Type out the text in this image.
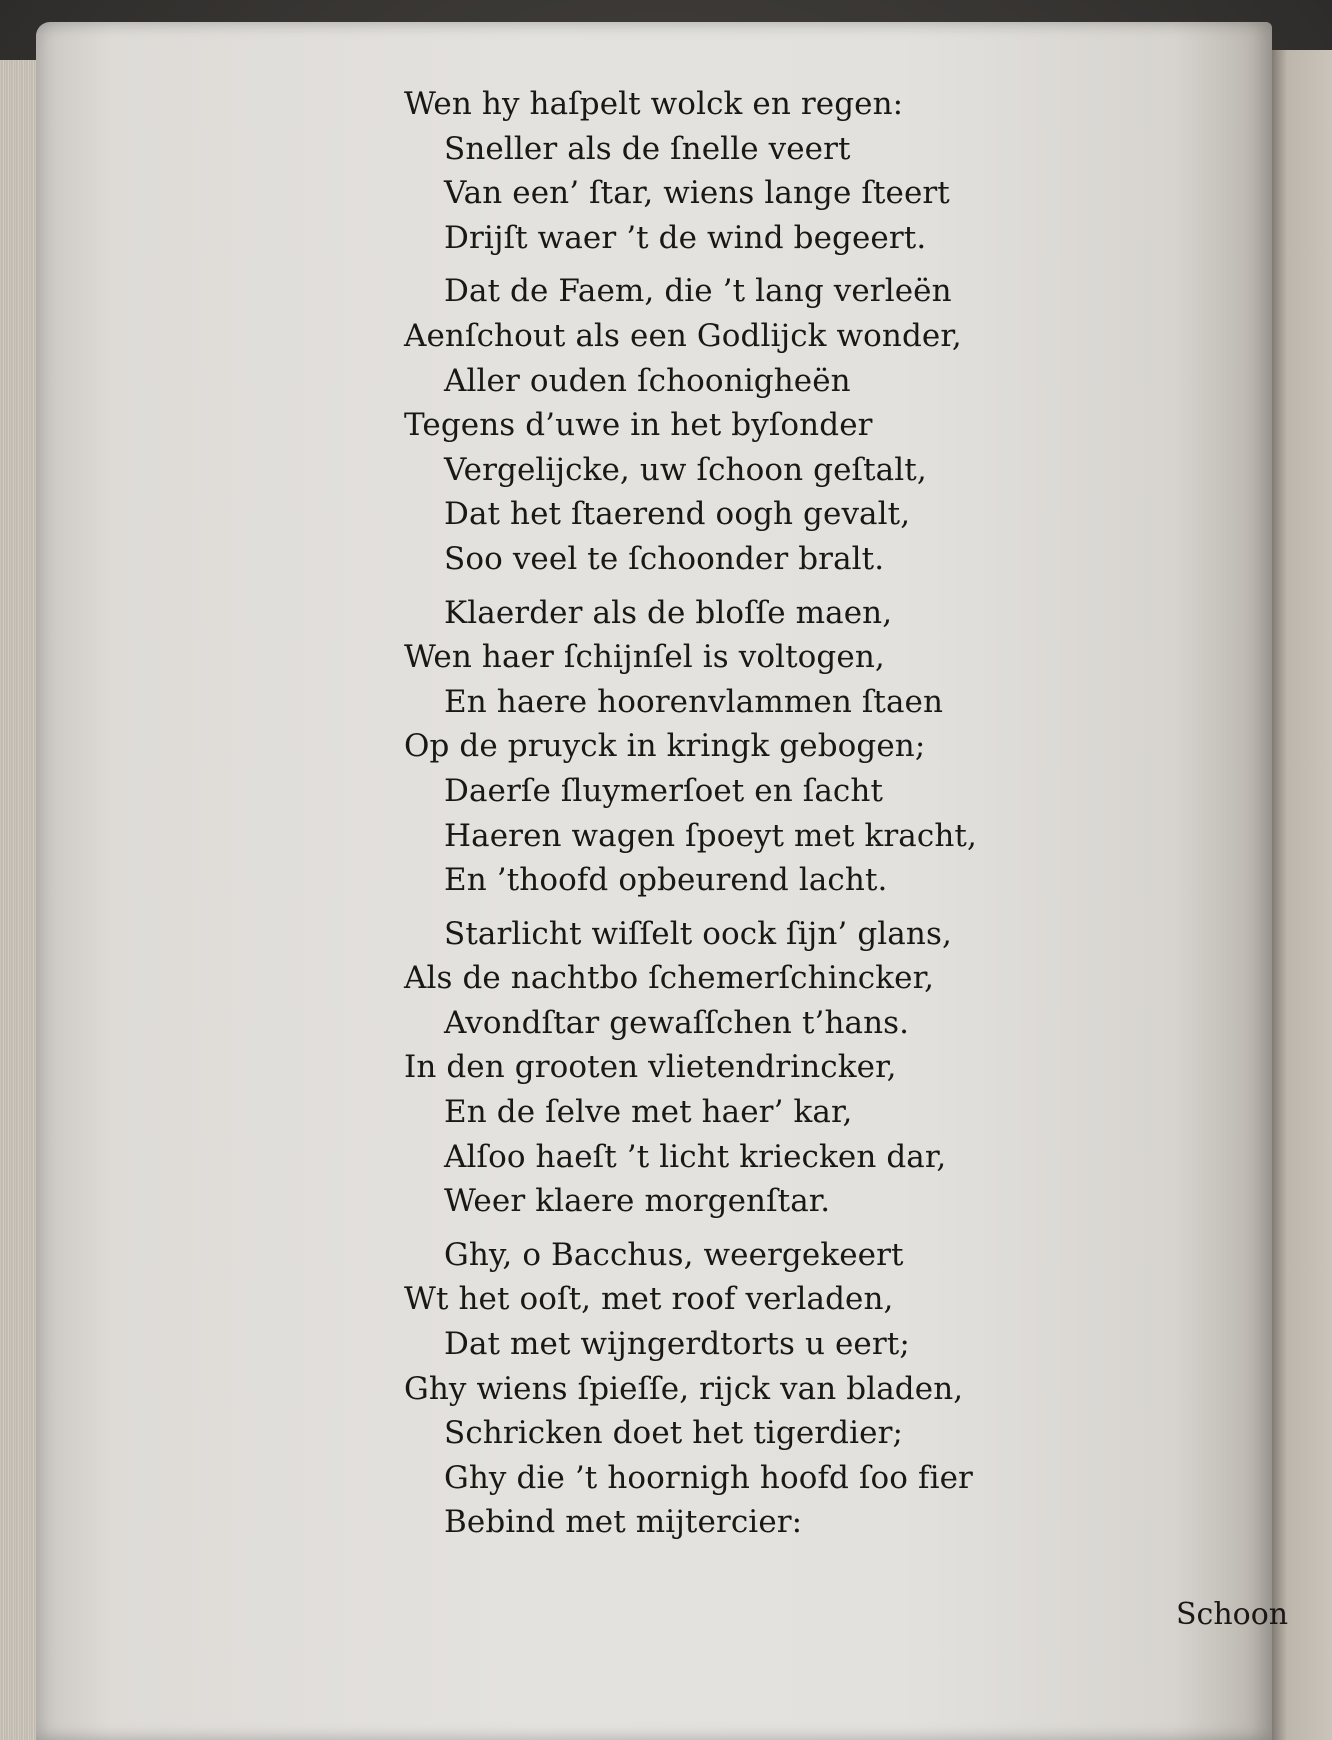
Wen hy haſpelt wolck en regen:
Sneller als de ſnelle veert
Van een’ ſtar, wiens lange ſteert
Drijſt waer ’t de wind begeert.
Dat de Faem, die ’t lang verleën
Aenſchout als een Godlijck wonder,
Aller ouden ſchoonigheën
Tegens d’uwe in het byſonder
Vergelijcke, uw ſchoon geſtalt,
Dat het ſtaerend oogh gevalt,
Soo veel te ſchoonder bralt.
Klaerder als de bloſſe maen,
Wen haer ſchijnſel is voltogen,
En haere hoorenvlammen ſtaen
Op de pruyck in kringk gebogen;
Daerſe ſluymerſoet en ſacht
Haeren wagen ſpoeyt met kracht,
En ’thoofd opbeurend lacht.
Starlicht wiſſelt oock ſijn’ glans,
Als de nachtbo ſchemerſchincker,
Avondſtar gewaſſchen t’hans.
In den grooten vlietendrincker,
En de ſelve met haer’ kar,
Alſoo haeſt ’t licht kriecken dar,
Weer klaere morgenſtar.
Ghy, o Bacchus, weergekeert
Wt het ooſt, met roof verladen,
Dat met wijngerdtorts u eert;
Ghy wiens ſpieſſe, rijck van bladen,
Schricken doet het tigerdier;
Ghy die ’t hoornigh hoofd ſoo fier
Bebind met mijtercier:
Schoon
